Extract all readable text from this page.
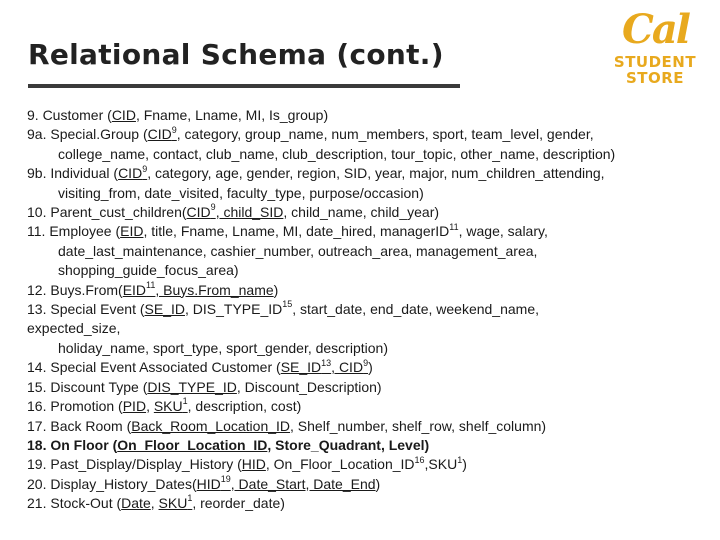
Relational Schema (cont.)
Cal
STUDENT
STORE
9. Customer (CID, Fname, Lname, MI, Is_group)
9a. Special.Group (CID$^9$, category, group_name, num_members, sport, team_level, gender,
college_name, contact, club_name, club_description, tour_topic, other_name, description)
9b. Individual (CID$^9$, category, age, gender, region, SID, year, major, num_children_attending,
visiting_from, date_visited, faculty_type, purpose/occasion)
10. Parent_cust_children(CID$^9$, child_SID, child_name, child_year)
11. Employee (EID, title, Fname, Lname, MI, date_hired, managerID$^{11}$, wage, salary,
date_last_maintenance, cashier_number, outreach_area, management_area,
shopping_guide_focus_area)
12. Buys.From(EID$^{11}$, Buys.From_name)
13. Special Event (SE_ID, DIS_TYPE_ID$^{15}$, start_date, end_date, weekend_name,
expected_size,
holiday_name, sport_type, sport_gender, description)
14. Special Event Associated Customer (SE_ID$^{13}$, CID$^9$)
15. Discount Type (DIS_TYPE_ID, Discount_Description)
16. Promotion (PID, SKU$^1$, description, cost)
17. Back Room (Back_Room_Location_ID, Shelf_number, shelf_row, shelf_column)
18. On Floor (On_Floor_Location_ID, Store_Quadrant, Level)
19. Past_Display/Display_History (HID, On_Floor_Location_ID$^{16}$,SKU$^1$)
20. Display_History_Dates(HID$^{19}$, Date_Start, Date_End)
21. Stock-Out (Date, SKU$^1$, reorder_date)
